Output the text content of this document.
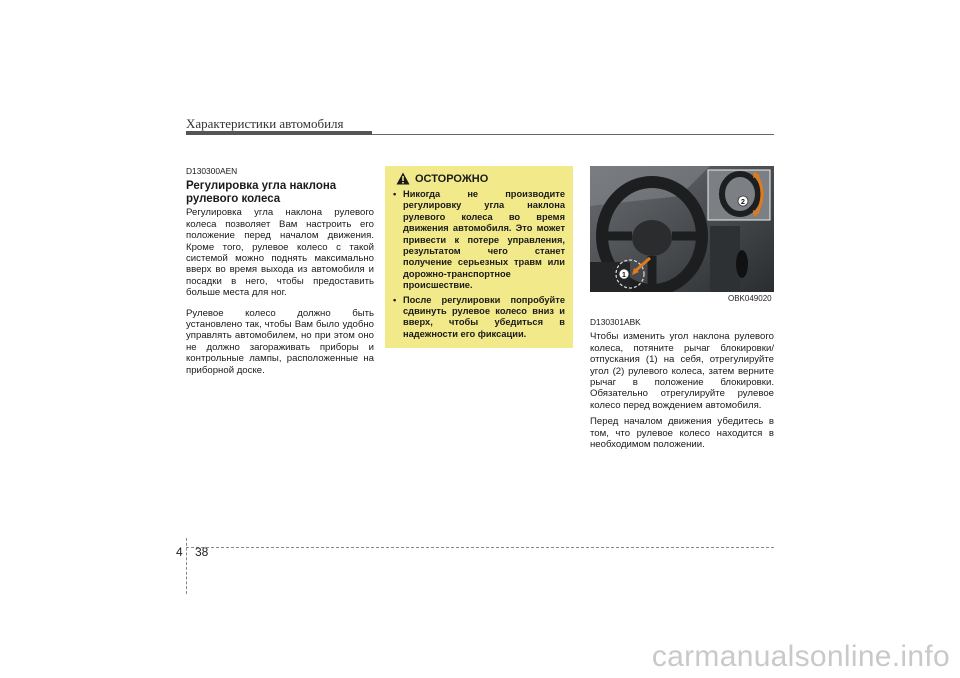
Характеристики автомобиля
D130300AEN
Регулировка угла наклона рулевого колеса

Регулировка угла наклона рулевого колеса позволяет Вам настроить его положение перед началом движения. Кроме того, рулевое колесо с такой системой можно поднять максимально вверх во время выхода из автомобиля и посадки в него, чтобы предоставить больше места для ног.

Рулевое колесо должно быть установлено так, чтобы Вам было удобно управлять автомобилем, но при этом оно не должно загораживать приборы и контрольные лампы, расположенные на приборной доске.

ОСТОРОЖНО
• Никогда не производите регулировку угла наклона рулевого колеса во время движения автомобиля. Это может привести к потере управления, результатом чего станет получение серьезных травм или дорожно-транспортное происшествие.
• После регулировки попробуйте сдвинуть рулевое колесо вниз и вверх, чтобы убедиться в надежности его фиксации.
1
2
OBK049020
D130301ABK

Чтобы изменить угол наклона рулевого колеса, потяните рычаг блокировки/отпускания (1) на себя, отрегулируйте угол (2) рулевого колеса, затем верните рычаг в положение блокировки. Обязательно отрегулируйте рулевое колесо перед вождением автомобиля.

Перед началом движения убедитесь в том, что рулевое колесо находится в необходимом положении.

4 38
carmanualsonline.info
